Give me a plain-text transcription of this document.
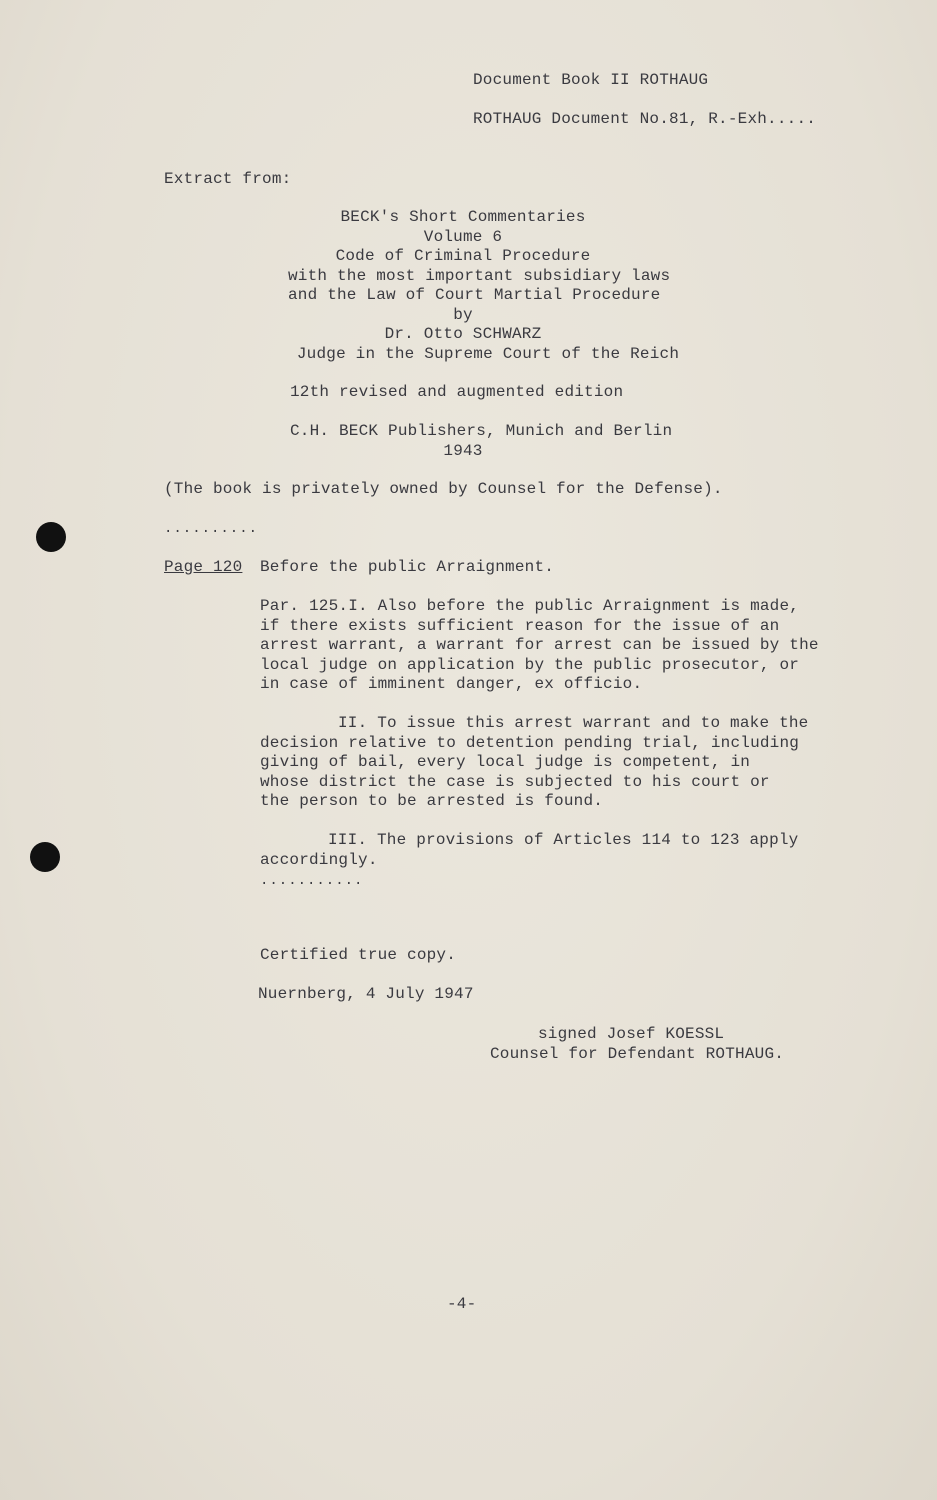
Document Book II ROTHAUG
ROTHAUG Document No.81, R.-Exh.....
Extract from:
BECK's Short Commentaries
Volume 6
Code of Criminal Procedure
with the most important subsidiary laws
and the Law of Court Martial Procedure
by
Dr. Otto SCHWARZ
Judge in the Supreme Court of the Reich
12th revised and augmented edition
C.H. BECK Publishers, Munich and Berlin
1943
(The book is privately owned by Counsel for the Defense).
..........
Page 120 Before the public Arraignment.
Par. 125.I. Also before the public Arraignment is made,
if there exists sufficient reason for the issue of an
arrest warrant, a warrant for arrest can be issued by the
local judge on application by the public prosecutor, or
in case of imminent danger, ex officio.
II. To issue this arrest warrant and to make the
decision relative to detention pending trial, including
giving of bail, every local judge is competent, in
whose district the case is subjected to his court or
the person to be arrested is found.
III. The provisions of Articles 114 to 123 apply
accordingly.
...........
Certified true copy.
Nuernberg, 4 July 1947
signed Josef KOESSL
Counsel for Defendant ROTHAUG.
-4-
